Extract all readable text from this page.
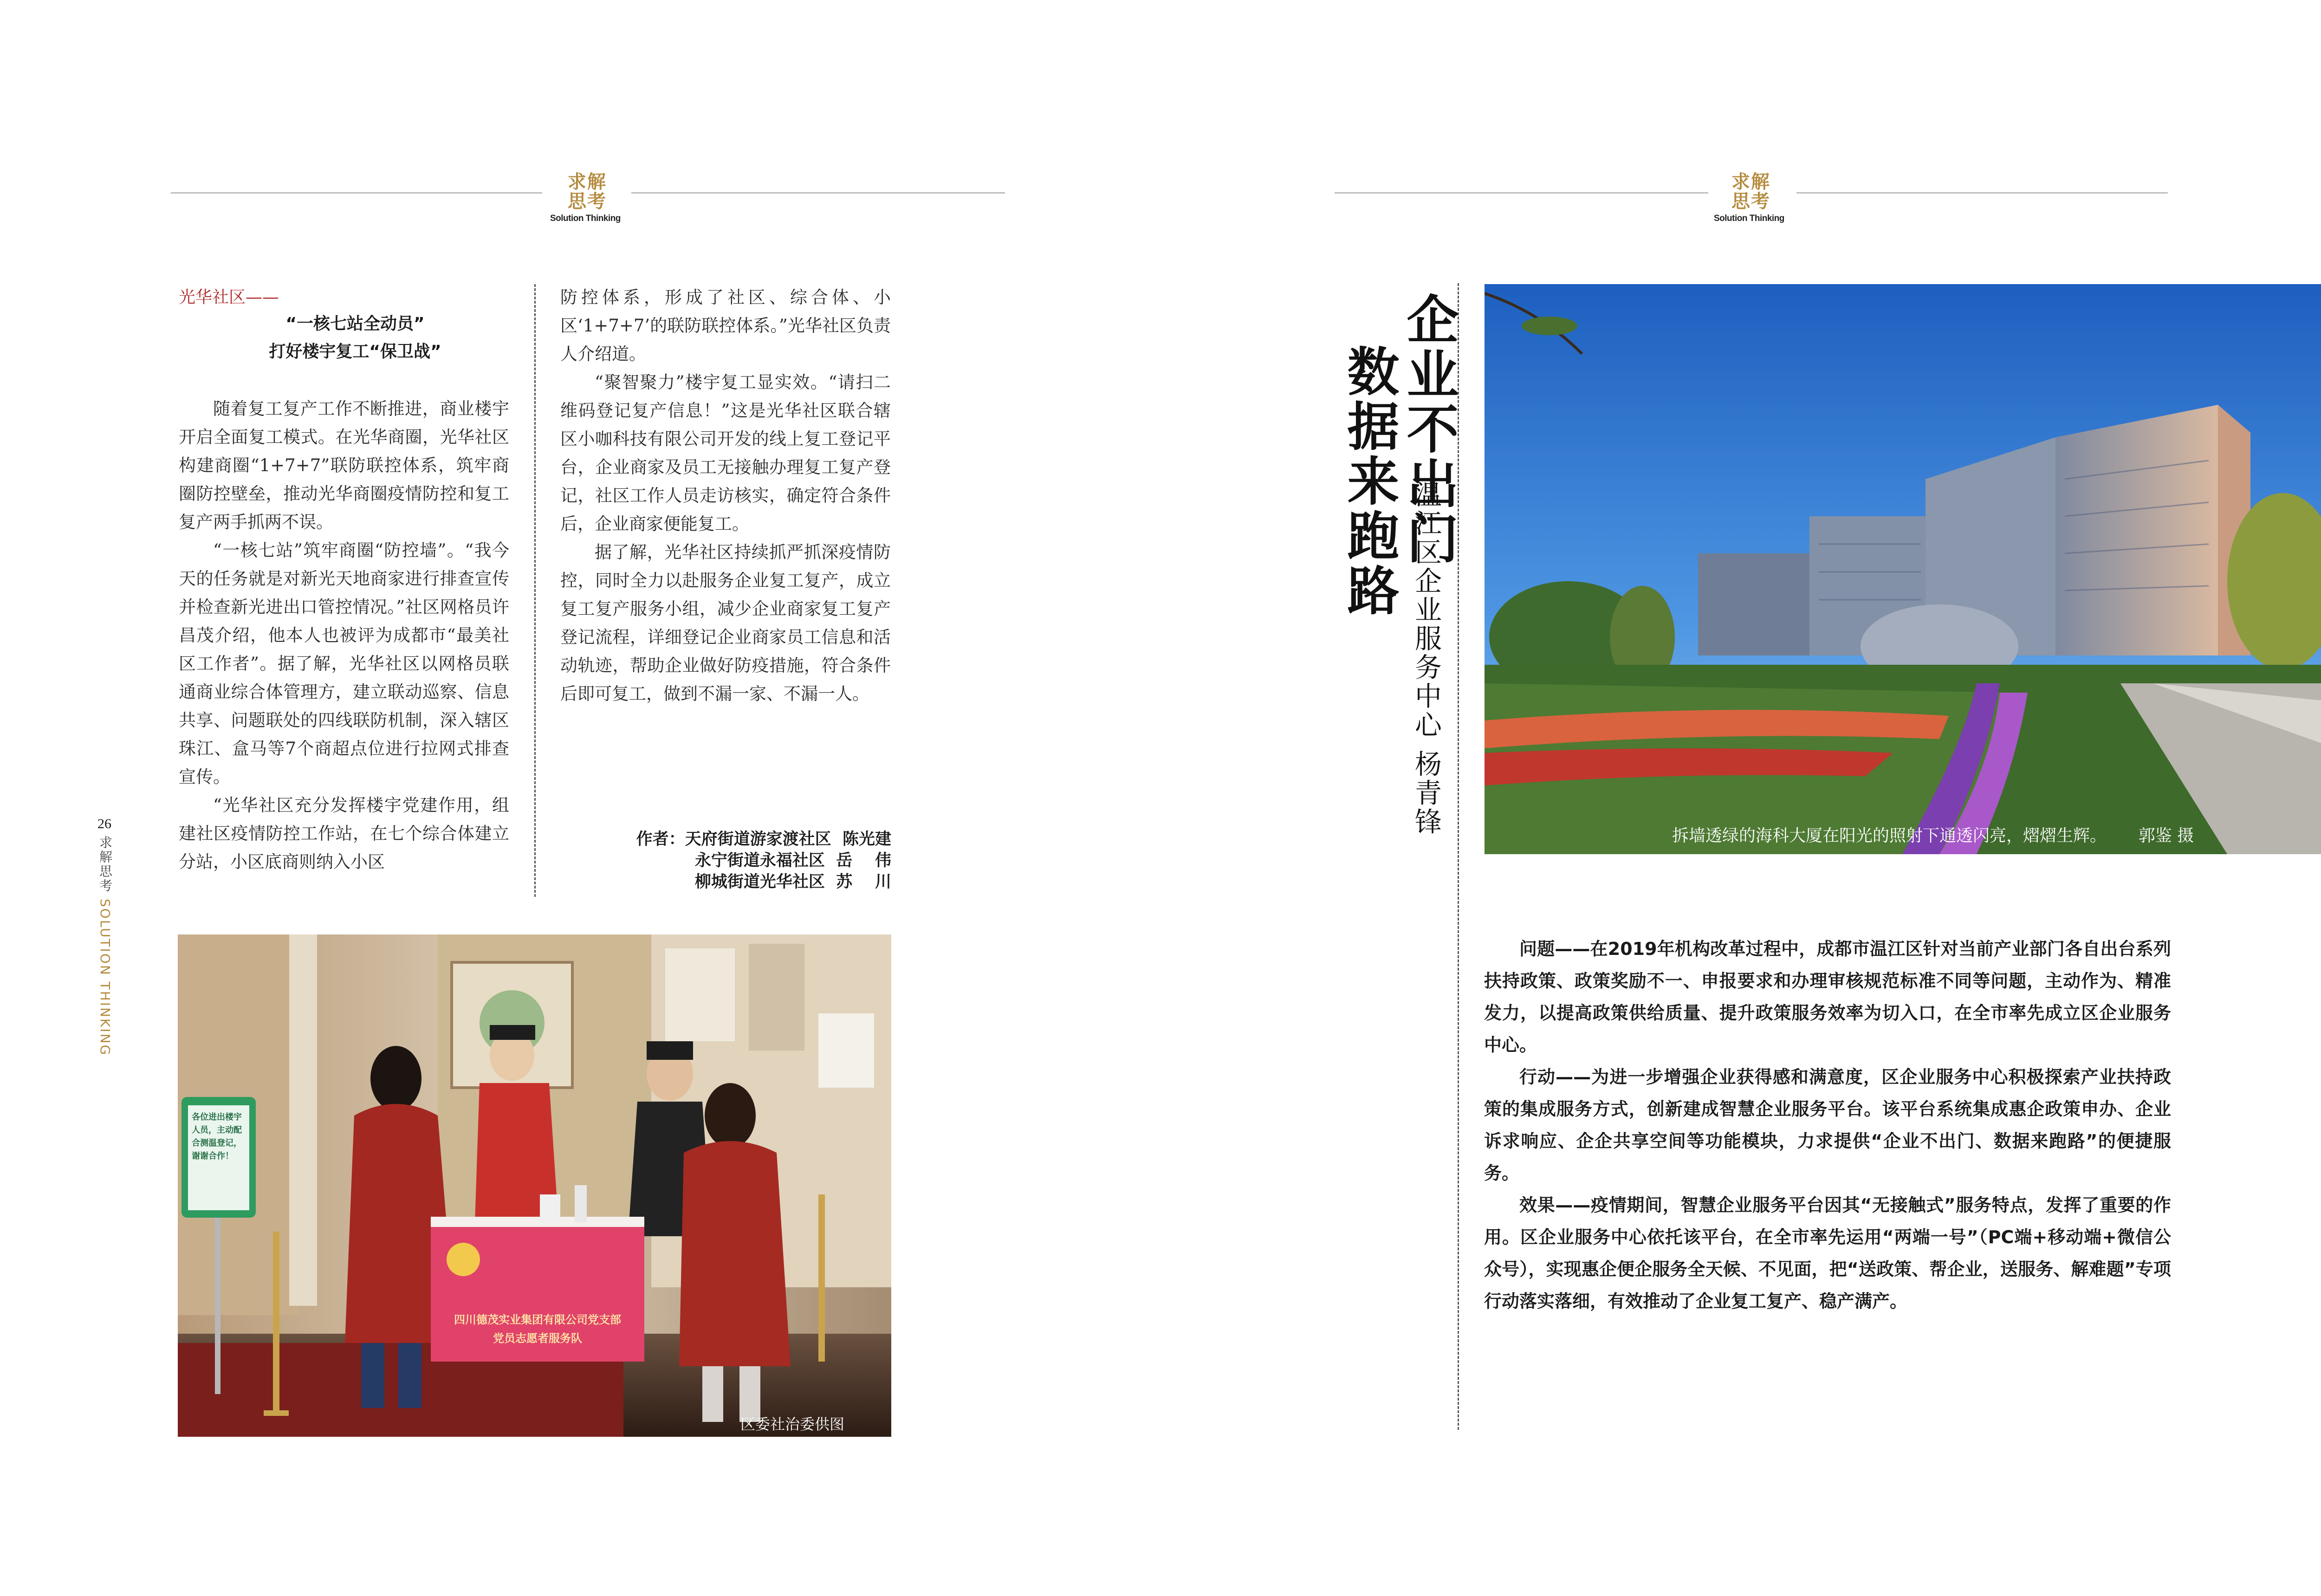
求解
思考
Solution Thinking
求解
思考
Solution Thinking
光华社区——
“一核七站全动员”
打好楼宇复工“保卫战”

随着复工复产工作不断推进，商业楼宇开启全面复工模式。在光华商圈，光华社区构建商圈“1+7+7”联防联控体系，筑牢商圈防控壁垒，推动光华商圈疫情防控和复工复产两手抓两不误。

“一核七站”筑牢商圈“防控墙”。“我今天的任务就是对新光天地商家进行排查宣传并检查新光进出口管控情况。”社区网格员许昌茂介绍，他本人也被评为成都市“最美社区工作者”。据了解，光华社区以网格员联通商业综合体管理方，建立联动巡察、信息共享、问题联处的四线联防机制，深入辖区珠江、盒马等7个商超点位进行拉网式排查宣传。

“光华社区充分发挥楼宇党建作用，组建社区疫情防控工作站，在七个综合体建立分站，小区底商则纳入小区

防控体系，形成了社区、综合体、小区‘1+7+7’的联防联控体系。”光华社区负责人介绍道。

“聚智聚力”楼宇复工显实效。“请扫二维码登记复产信息！”这是光华社区联合辖区小咖科技有限公司开发的线上复工登记平台，企业商家及员工无接触办理复工复产登记，社区工作人员走访核实，确定符合条件后，企业商家便能复工。

据了解，光华社区持续抓严抓深疫情防控，同时全力以赴服务企业复工复产，成立复工复产服务小组，减少企业商家复工复产登记流程，详细登记企业商家员工信息和活动轨迹，帮助企业做好防疫措施，符合条件后即可复工，做到不漏一家、不漏一人。

作者：天府街道游家渡社区  陈光建
永宁街道永福社区  岳    伟
柳城街道光华社区  苏    川
26
求解思考 SOLUTION THINKING
各位进出楼宇人员，主动配合测温登记，谢谢合作！
四川德茂实业集团有限公司党支部
党员志愿者服务队
区委社治委供图
企业不出门
数据来跑路 温江区企业服务中心 杨青锋	拆墙透绿的海科大厦在阳光的照射下通透闪亮，熠熠生辉。 郭鉴 摄

问题——在2019年机构改革过程中，成都市温江区针对当前产业部门各自出台系列扶持政策、政策奖励不一、申报要求和办理审核规范标准不同等问题，主动作为、精准发力，以提高政策供给质量、提升政策服务效率为切入口，在全市率先成立区企业服务中心。

行动——为进一步增强企业获得感和满意度，区企业服务中心积极探索产业扶持政策的集成服务方式，创新建成智慧企业服务平台。该平台系统集成惠企政策申办、企业诉求响应、企企共享空间等功能模块，力求提供“企业不出门、数据来跑路”的便捷服务。

效果——疫情期间，智慧企业服务平台因其“无接触式”服务特点，发挥了重要的作用。区企业服务中心依托该平台，在全市率先运用“两端一号”（PC端+移动端+微信公众号），实现惠企便企服务全天候、不见面，把“送政策、帮企业，送服务、解难题”专项行动落实落细，有效推动了企业复工复产、稳产满产。
